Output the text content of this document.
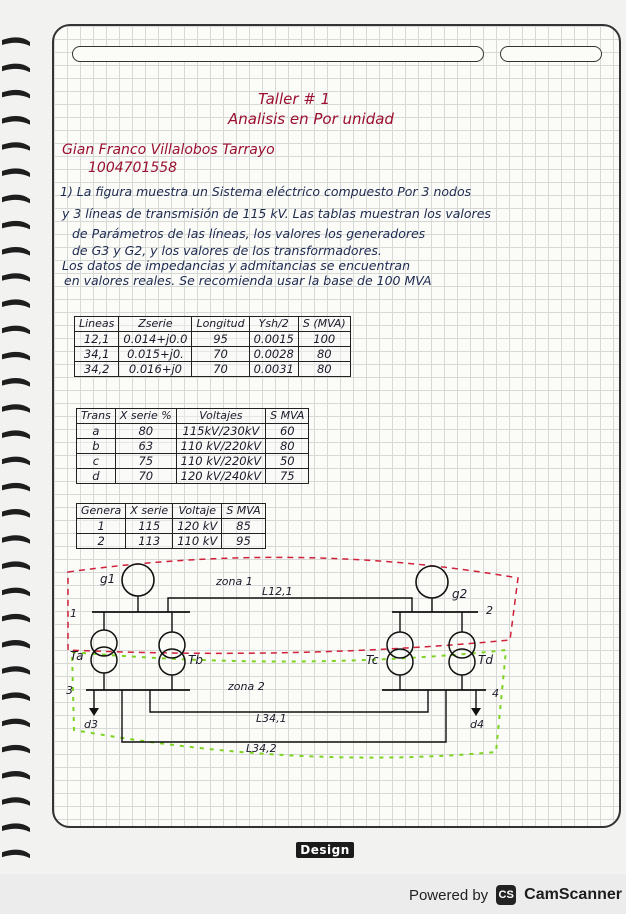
Taller # 1
Analisis en Por unidad
Gian Franco Villalobos Tarrayo
1004701558
1) La figura muestra un Sistema eléctrico compuesto Por 3 nodos
y 3 líneas de transmisión de 115 kV. Las tablas muestran los valores
de Parámetros de las líneas, los valores los generadores
de G3 y G2, y los valores de los transformadores.
Los datos de impedancias y admitancias se encuentran
en valores reales. Se recomienda usar la base de 100 MVA
Lineas	Zserie	Longitud	Ysh/2	S (MVA)
12,1	0.014+j0.0	95	0.0015	100
34,1	0.015+j0.	70	0.0028	80
34,2	0.016+j0	70	0.0031	80
Trans	X serie %	Voltajes	S MVA
a	80	115kV/230kV	60
b	63	110 kV/220kV	80
c	75	110 kV/220kV	50
d	70	120 kV/240kV	75
Genera	X serie	Voltaje	S MVA
1	115	120 kV	85
2	113	110 kV	95
g1
g2
zona 1
L12,1
1	2
Ta	Tb	Tc	Td
zona 2
3	4
d3	d4
L34,1
L34,2
Design
Powered by CS CamScanner
